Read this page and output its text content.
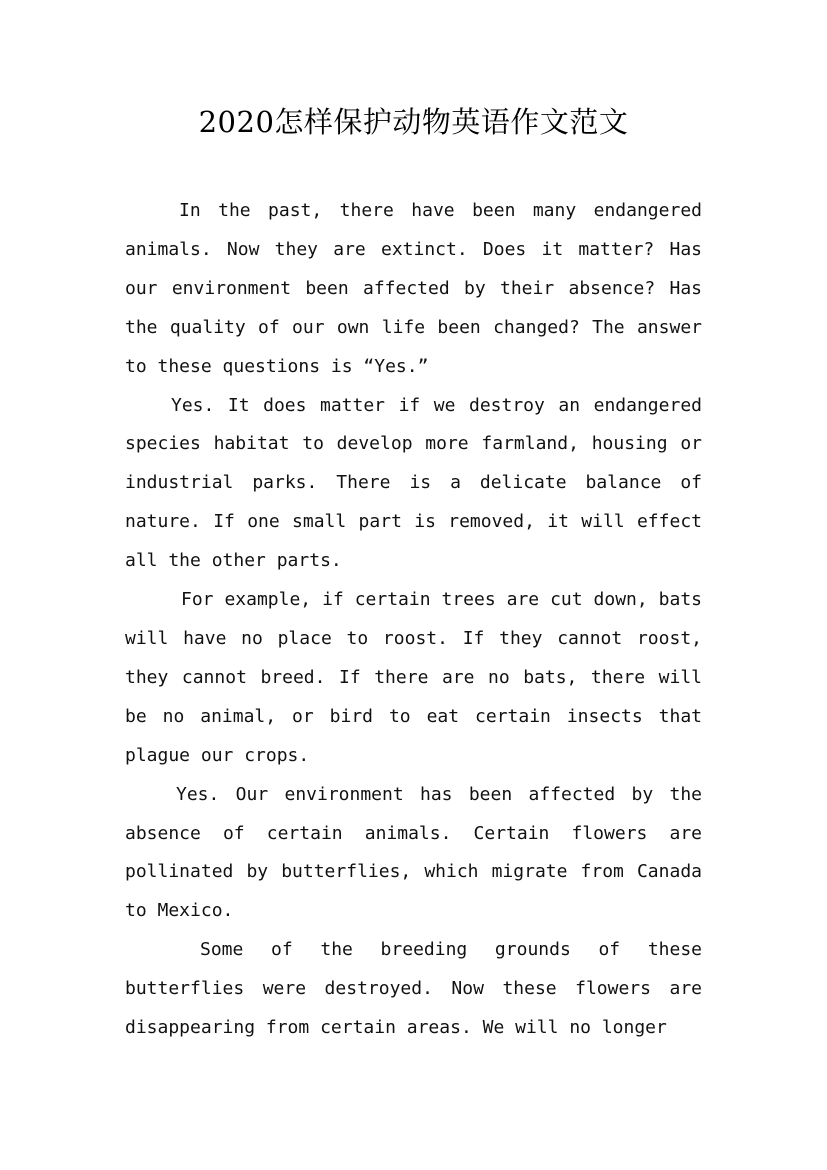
2020怎样保护动物英语作文范文

In the past, there have been many endangered animals. Now they are extinct. Does it matter? Has our environment been affected by their absence? Has the quality of our own life been changed? The answer to these questions is “Yes.”

Yes. It does matter if we destroy an endangered species habitat to develop more farmland, housing or industrial parks. There is a delicate balance of nature. If one small part is removed, it will effect all the other parts.

For example, if certain trees are cut down, bats will have no place to roost. If they cannot roost, they cannot breed. If there are no bats, there will be no animal, or bird to eat certain insects that plague our crops.

Yes. Our environment has been affected by the absence of certain animals. Certain flowers are pollinated by butterflies, which migrate from Canada to Mexico.

Some of the breeding grounds of these butterflies were destroyed. Now these flowers are disappearing from certain areas. We will no longer
